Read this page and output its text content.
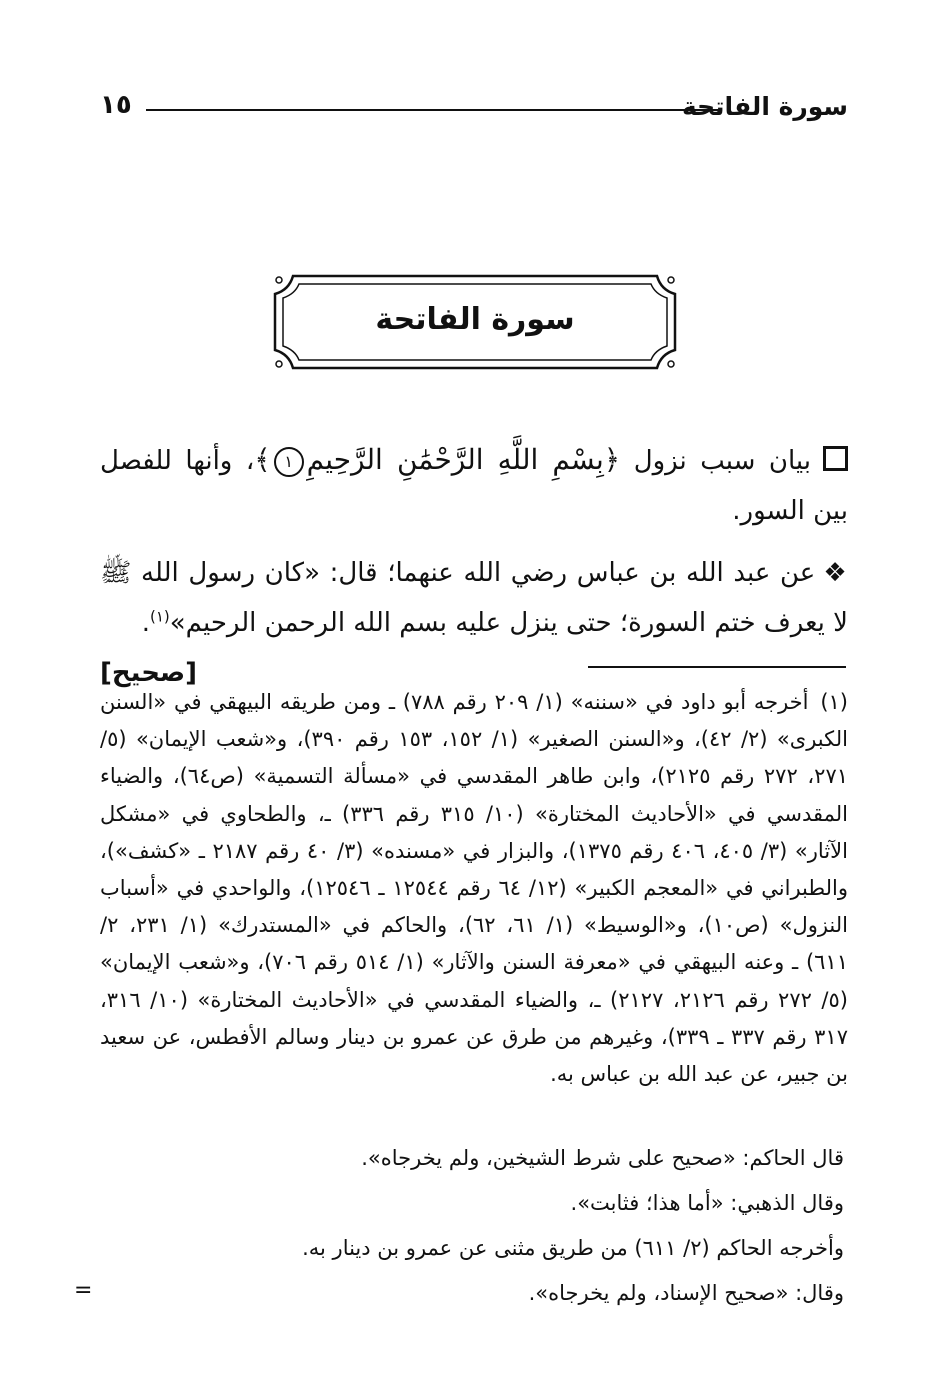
سورة الفاتحة
١٥
سورة الفاتحة
بيان سبب نزول ﴿بِسْمِ اللَّهِ الرَّحْمَٰنِ الرَّحِيمِ١﴾، وأنها للفصل بين السور.
❖عن عبد الله بن عباس رضي الله عنهما؛ قال: «كان رسول الله ﷺ لا يعرف ختم السورة؛ حتى ينزل عليه بسم الله الرحمن الرحيم»$^{(١)}$.
[صحيح]
(١) أخرجه أبو داود في «سننه» (١/ ٢٠٩ رقم ٧٨٨) ـ ومن طريقه البيهقي في «السنن الكبرى» (٢/ ٤٢)، و«السنن الصغير» (١/ ١٥٢، ١٥٣ رقم ٣٩٠)، و«شعب الإيمان» (٥/ ٢٧١، ٢٧٢ رقم ٢١٢٥)، وابن طاهر المقدسي في «مسألة التسمية» (ص٦٤)، والضياء المقدسي في «الأحاديث المختارة» (١٠/ ٣١٥ رقم ٣٣٦) ـ، والطحاوي في «مشكل الآثار» (٣/ ٤٠٥، ٤٠٦ رقم ١٣٧٥)، والبزار في «مسنده» (٣/ ٤٠ رقم ٢١٨٧ ـ «كشف»)، والطبراني في «المعجم الكبير» (١٢/ ٦٤ رقم ١٢٥٤٤ ـ ١٢٥٤٦)، والواحدي في «أسباب النزول» (ص١٠)، و«الوسيط» (١/ ٦١، ٦٢)، والحاكم في «المستدرك» (١/ ٢٣١، ٢/ ٦١١) ـ وعنه البيهقي في «معرفة السنن والآثار» (١/ ٥١٤ رقم ٧٠٦)، و«شعب الإيمان» (٥/ ٢٧٢ رقم ٢١٢٦، ٢١٢٧) ـ، والضياء المقدسي في «الأحاديث المختارة» (١٠/ ٣١٦، ٣١٧ رقم ٣٣٧ ـ ٣٣٩)، وغيرهم من طرق عن عمرو بن دينار وسالم الأفطس، عن سعيد بن جبير، عن عبد الله بن عباس به.
قال الحاكم: «صحيح على شرط الشيخين، ولم يخرجاه».
وقال الذهبي: «أما هذا؛ فثابت».
وأخرجه الحاكم (٢/ ٦١١) من طريق مثنى عن عمرو بن دينار به.
وقال: «صحيح الإسناد، ولم يخرجاه».
=
